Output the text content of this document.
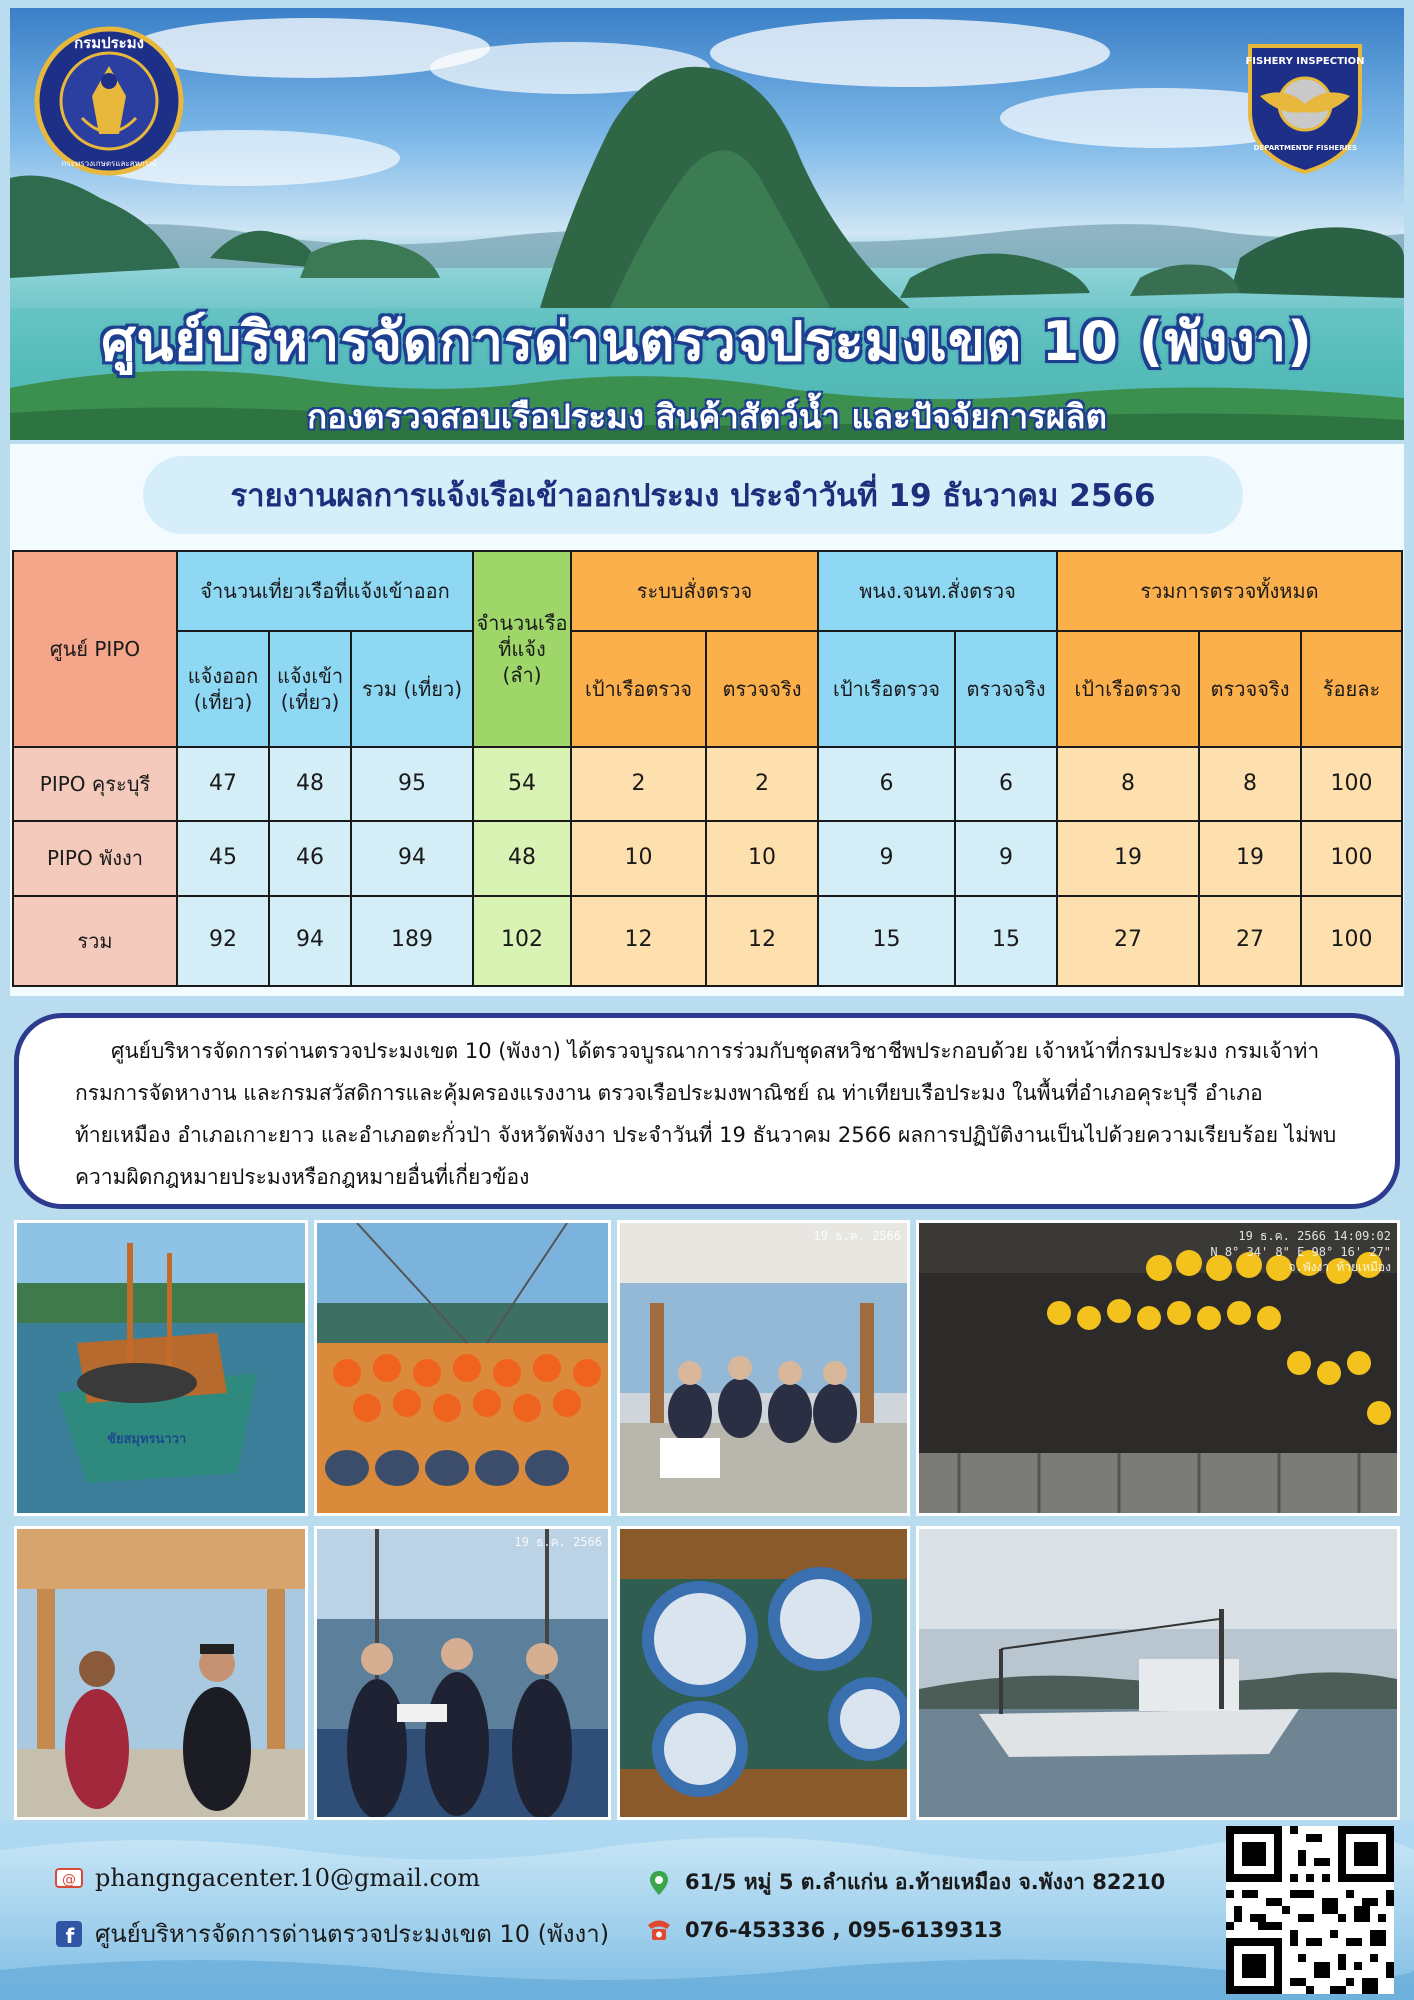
กรมประมง
กระทรวงเกษตรและสหกรณ์
FISHERY INSPECTION
ด่านตรวจประมง
DEPARTMENT
OF FISHERIES
ศูนย์บริหารจัดการด่านตรวจประมงเขต 10 (พังงา)
กองตรวจสอบเรือประมง สินค้าสัตว์น้ำ และปัจจัยการผลิต
รายงานผลการแจ้งเรือเข้าออกประมง ประจำวันที่ 19 ธันวาคม 2566
ศูนย์ PIPO	จำนวนเที่ยวเรือที่แจ้งเข้าออก			จำนวนเรือที่แจ้ง (ลำ)	ระบบสั่งตรวจ		พนง.จนท.สั่งตรวจ		รวมการตรวจทั้งหมด		
	แจ้งออก (เที่ยว)	แจ้งเข้า (เที่ยว)	รวม (เที่ยว)		เป้าเรือตรวจ	ตรวจจริง	เป้าเรือตรวจ	ตรวจจริง	เป้าเรือตรวจ	ตรวจจริง	ร้อยละ
PIPO คุระบุรี	47	48	95	54	2	2	6	6	8	8	100
PIPO พังงา	45	46	94	48	10	10	9	9	19	19	100
รวม	92	94	189	102	12	12	15	15	27	27	100
ศูนย์บริหารจัดการด่านตรวจประมงเขต 10 (พังงา) ได้ตรวจบูรณาการร่วมกับชุดสหวิชาชีพประกอบด้วย เจ้าหน้าที่กรมประมง กรมเจ้าท่า กรมการจัดหางาน และกรมสวัสดิการและคุ้มครองแรงงาน ตรวจเรือประมงพาณิชย์ ณ ท่าเทียบเรือประมง ในพื้นที่อำเภอคุระบุรี อำเภอท้ายเหมือง อำเภอเกาะยาว และอำเภอตะกั่วป่า จังหวัดพังงา ประจำวันที่ 19 ธันวาคม 2566 ผลการปฏิบัติงานเป็นไปด้วยความเรียบร้อย ไม่พบความผิดกฎหมายประมงหรือกฎหมายอื่นที่เกี่ยวข้อง
ชัยสมุทรนาวา
19 ธ.ค. 2566	19 ธ.ค. 2566 14:09:02
N 8° 34' 8" E 98° 16' 27"
จ.พังงา ท้ายเหมือง
19 ธ.ค. 2566
@ phangngacenter.10@gmail.com
f ศูนย์บริหารจัดการด่านตรวจประมงเขต 10 (พังงา)
61/5 หมู่ 5 ต.ลำแก่น อ.ท้ายเหมือง จ.พังงา 82210
076-453336 , 095-6139313
